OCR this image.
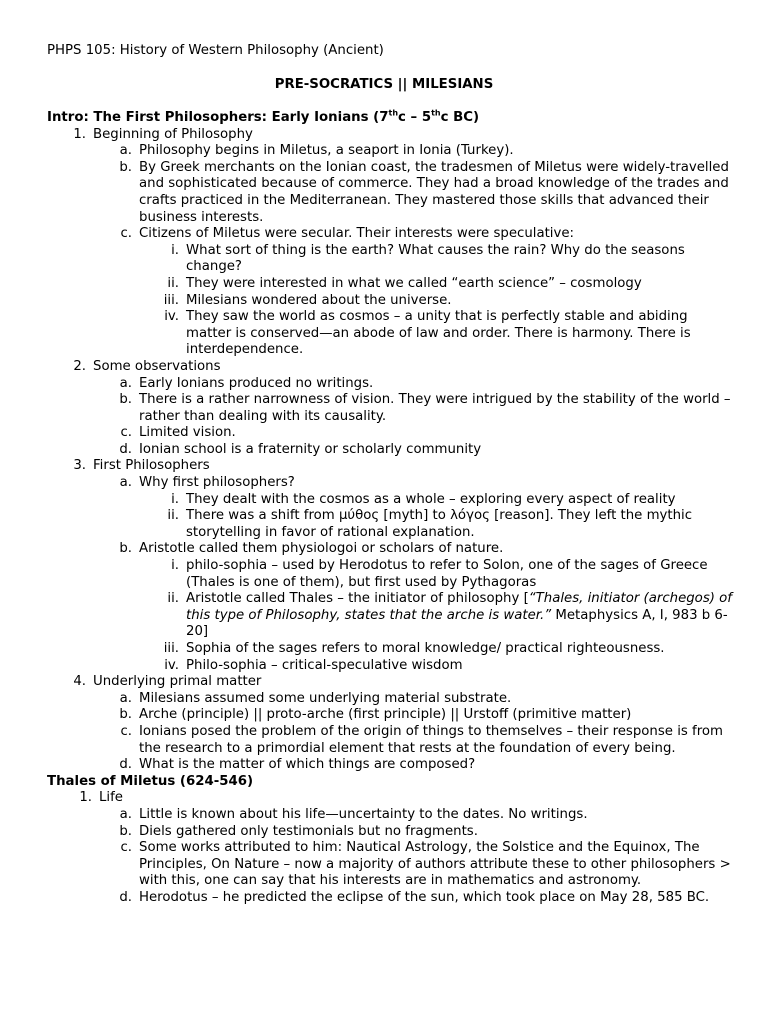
PHPS 105: History of Western Philosophy (Ancient)
PRE-SOCRATICS || MILESIANS
Intro: The First Philosophers: Early Ionians (7thc – 5thc BC)
1. Beginning of Philosophy
a. Philosophy begins in Miletus, a seaport in Ionia (Turkey).
b. By Greek merchants on the Ionian coast, the tradesmen of Miletus were widely-travelled and sophisticated because of commerce. They had a broad knowledge of the trades and crafts practiced in the Mediterranean. They mastered those skills that advanced their business interests.
c. Citizens of Miletus were secular. Their interests were speculative:
i. What sort of thing is the earth? What causes the rain? Why do the seasons change?
ii. They were interested in what we called “earth science” – cosmology
iii. Milesians wondered about the universe.
iv. They saw the world as cosmos – a unity that is perfectly stable and abiding matter is conserved—an abode of law and order. There is harmony. There is interdependence.
2. Some observations
a. Early Ionians produced no writings.
b. There is a rather narrowness of vision. They were intrigued by the stability of the world – rather than dealing with its causality.
c. Limited vision.
d. Ionian school is a fraternity or scholarly community
3. First Philosophers
a. Why first philosophers?
i. They dealt with the cosmos as a whole – exploring every aspect of reality
ii. There was a shift from μύθος [myth] to λόγος [reason]. They left the mythic storytelling in favor of rational explanation.
b. Aristotle called them physiologoi or scholars of nature.
i. philo-sophia – used by Herodotus to refer to Solon, one of the sages of Greece (Thales is one of them), but first used by Pythagoras
ii. Aristotle called Thales – the initiator of philosophy [“Thales, initiator (archegos) of this type of Philosophy, states that the arche is water.” Metaphysics A, I, 983 b 6-20]
iii. Sophia of the sages refers to moral knowledge/ practical righteousness.
iv. Philo-sophia – critical-speculative wisdom
4. Underlying primal matter
a. Milesians assumed some underlying material substrate.
b. Arche (principle) || proto-arche (first principle) || Urstoff (primitive matter)
c. Ionians posed the problem of the origin of things to themselves – their response is from the research to a primordial element that rests at the foundation of every being.
d. What is the matter of which things are composed?
Thales of Miletus (624-546)
1. Life
a. Little is known about his life—uncertainty to the dates. No writings.
b. Diels gathered only testimonials but no fragments.
c. Some works attributed to him: Nautical Astrology, the Solstice and the Equinox, The Principles, On Nature – now a majority of authors attribute these to other philosophers > with this, one can say that his interests are in mathematics and astronomy.
d. Herodotus – he predicted the eclipse of the sun, which took place on May 28, 585 BC.
